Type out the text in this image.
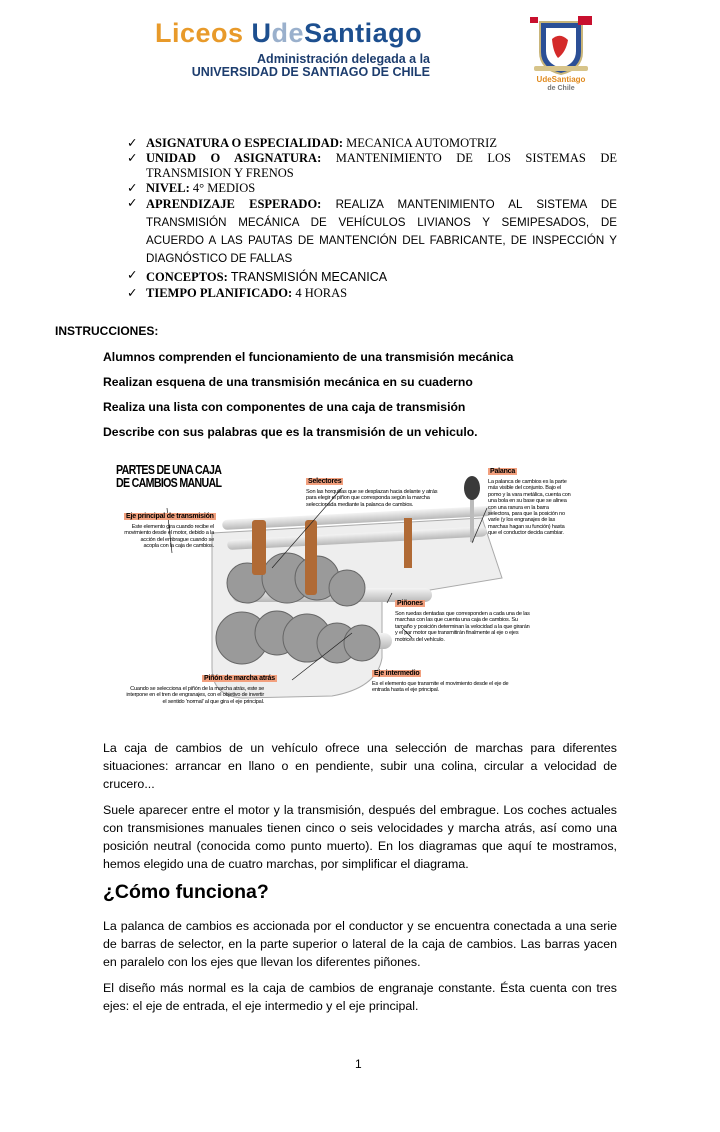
Liceos UdeSantiago
Administración delegada a la
UNIVERSIDAD DE SANTIAGO DE CHILE
UdeSantiago
de Chile
✓ ASIGNATURA O ESPECIALIDAD: MECANICA AUTOMOTRIZ
✓ UNIDAD O ASIGNATURA: MANTENIMIENTO DE LOS SISTEMAS DE TRANSMISION Y FRENOS
✓ NIVEL: 4° MEDIOS
✓ APRENDIZAJE ESPERADO: REALIZA MANTENIMIENTO AL SISTEMA DE TRANSMISIÓN MECÁNICA DE VEHÍCULOS LIVIANOS Y SEMIPESADOS, DE ACUERDO A LAS PAUTAS DE MANTENCIÓN DEL FABRICANTE, DE INSPECCIÓN Y DIAGNÓSTICO DE FALLAS
✓ CONCEPTOS: TRANSMISIÓN MECANICA
✓ TIEMPO PLANIFICADO: 4 HORAS
INSTRUCCIONES:
Alumnos comprenden el funcionamiento de una transmisión mecánica
Realizan esquena de una transmisión mecánica en su cuaderno
Realiza una lista con componentes de una caja de transmisión
Describe con sus palabras que es la transmisión de un vehiculo.
PARTES DE UNA CAJA
DE CAMBIOS MANUAL
Eje principal de transmisión
Este elemento gira cuando recibe el movimiento desde el motor, debido a la acción del embrague cuando se acopla con la caja de cambios.
Selectores
Son las horquillas que se desplazan hacia delante y atrás para elegir el piñon que corresponda según la marcha seleccionada mediante la palanca de cambios.
Palanca
La palanca de cambios es la parte más visible del conjunto. Bajo el pomo y la vara metálica, cuenta con una bola en su base que se alinea con una ranura en la barra selectora, para que la posición no varíe (y los engranajes de las marchas hagan su función) hasta que el conductor decida cambiar.
Piñones
Son ruedas dentadas que corresponden a cada una de las marchas con las que cuenta una caja de cambios. Su tamaño y posición determinan la velocidad a la que girarán y el par motor que transmitirán finalmente al eje o ejes motrices del vehículo.
Eje intermedio
Es el elemento que transmite el movimiento desde el eje de entrada hasta el eje principal.
Piñón de marcha atrás
Cuando se selecciona el piñón de la marcha atrás, este se interpone en el tren de engranajes, con el objetivo de invertir el sentido 'normal' al que gira el eje principal.
La caja de cambios de un vehículo ofrece una selección de marchas para diferentes situaciones: arrancar en llano o en pendiente, subir una colina, circular a velocidad de crucero...
Suele aparecer entre el motor y la transmisión, después del embrague. Los coches actuales con transmisiones manuales tienen cinco o seis velocidades y marcha atrás, así como una posición neutral (conocida como punto muerto). En los diagramas que aquí te mostramos, hemos elegido una de cuatro marchas, por simplificar el diagrama.
¿Cómo funciona?
La palanca de cambios es accionada por el conductor y se encuentra conectada a una serie de barras de selector, en la parte superior o lateral de la caja de cambios. Las barras yacen en paralelo con los ejes que llevan los diferentes piñones.
El diseño más normal es la caja de cambios de engranaje constante. Ésta cuenta con tres ejes: el eje de entrada, el eje intermedio y el eje principal.
1
